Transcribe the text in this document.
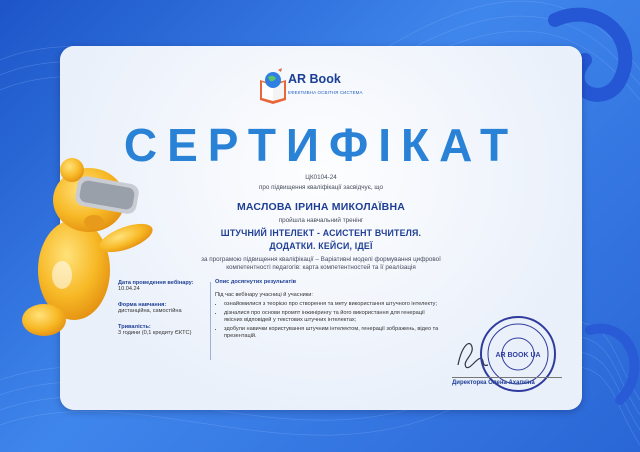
AR Book
ЕФЕКТИВНА ОСВІТНЯ СИСТЕМА
СЕРТИФІКАТ
ЦК0104-24
про підвищення кваліфікації засвідчує, що
МАСЛОВА ІРИНА МИКОЛАЇВНА
пройшла навчальний тренінг
ШТУЧНИЙ ІНТЕЛЕКТ - АСИСТЕНТ ВЧИТЕЛЯ.
ДОДАТКИ. КЕЙСИ, ІДЕЇ
за програмою підвищення кваліфікації – Варіативні моделі формування цифрової
компетентності педагогів: карта компетентностей та її реалізація
Дата проведення вебінару:
10.04.24
Форма навчання:
дистанційна, самостійна
Тривалість:
3 години (0,1 кредиту ЄКТС)
Опис досягнутих результатів
Під час вебінару учасниці й учасники:
• ознайомилися з теорією про створення та мету використання штучного інтелекту;
• дізналися про основи промпт інжинірингу та його використання для генерації якісних відповідей у текстових штучних інтелектах;
• здобули навички користування штучним інтелектом, генерації зображень, відео та презентацій.
AR BOOK UA
Директорка Олена Ахапкіна
